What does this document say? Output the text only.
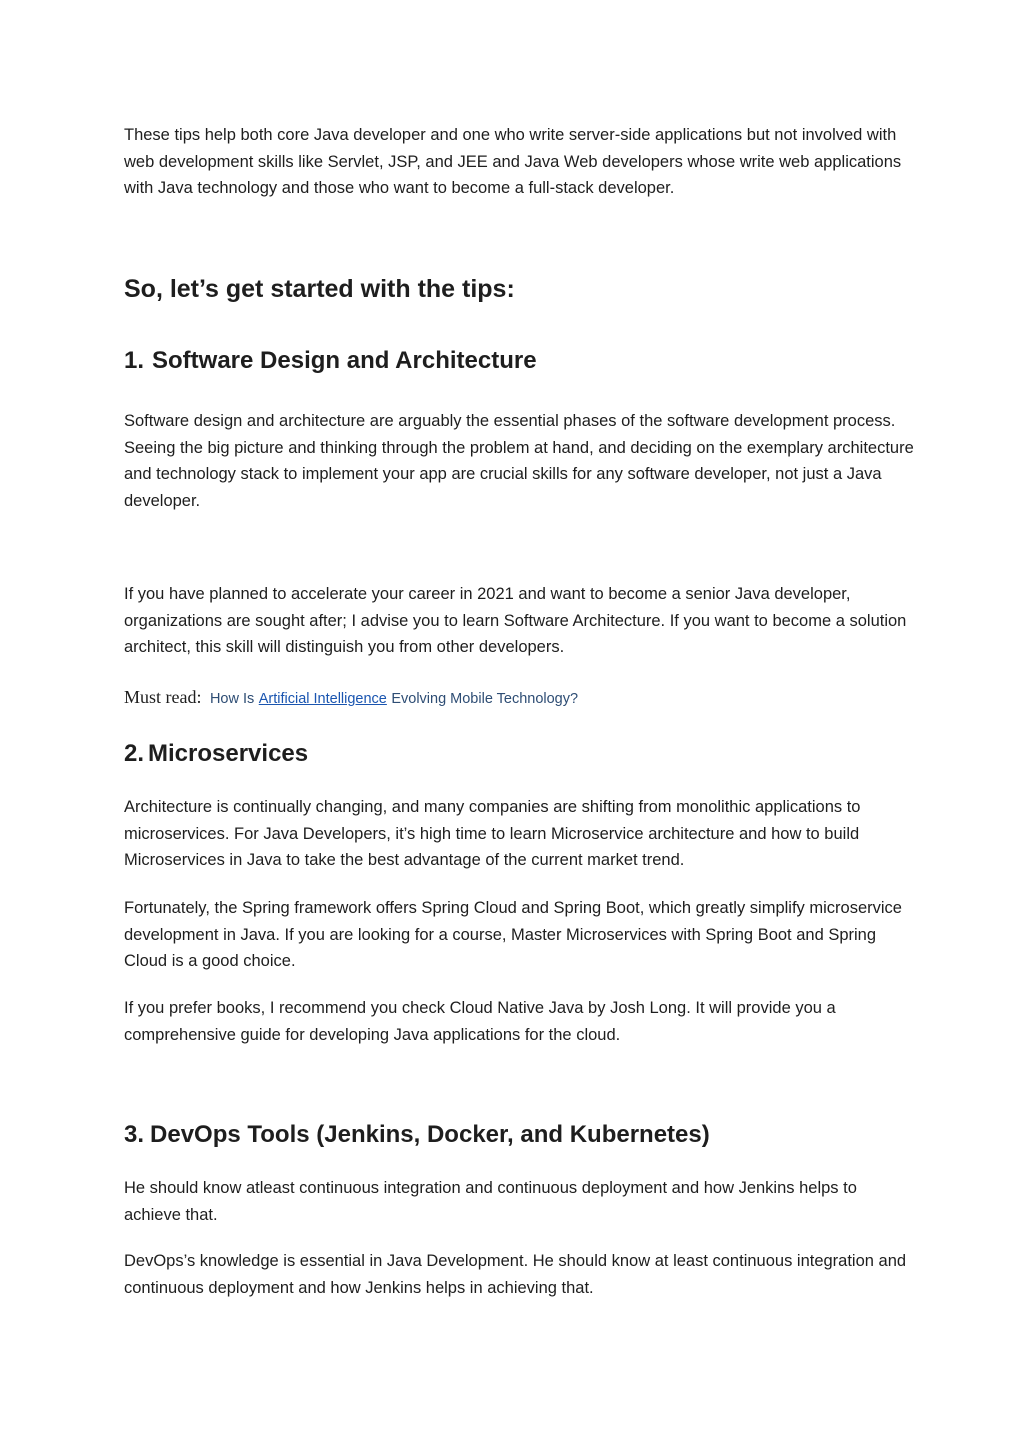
These tips help both core Java developer and one who write server-side applications but not involved with web development skills like Servlet, JSP, and JEE and Java Web developers whose write web applications with Java technology and those who want to become a full-stack developer.

So, let’s get started with the tips:
1. Software Design and Architecture

Software design and architecture are arguably the essential phases of the software development process. Seeing the big picture and thinking through the problem at hand, and deciding on the exemplary architecture and technology stack to implement your app are crucial skills for any software developer, not just a Java developer.

If you have planned to accelerate your career in 2021 and want to become a senior Java developer, organizations are sought after; I advise you to learn Software Architecture. If you want to become a solution architect, this skill will distinguish you from other developers.

Must read: How Is Artificial Intelligence Evolving Mobile Technology?
2. Microservices

Architecture is continually changing, and many companies are shifting from monolithic applications to microservices. For Java Developers, it’s high time to learn Microservice architecture and how to build Microservices in Java to take the best advantage of the current market trend.

Fortunately, the Spring framework offers Spring Cloud and Spring Boot, which greatly simplify microservice development in Java. If you are looking for a course, Master Microservices with Spring Boot and Spring Cloud is a good choice.

If you prefer books, I recommend you check Cloud Native Java by Josh Long. It will provide you a comprehensive guide for developing Java applications for the cloud.

3. DevOps Tools (Jenkins, Docker, and Kubernetes)

He should know atleast continuous integration and continuous deployment and how Jenkins helps to achieve that.

DevOps’s knowledge is essential in Java Development. He should know at least continuous integration and continuous deployment and how Jenkins helps in achieving that.
